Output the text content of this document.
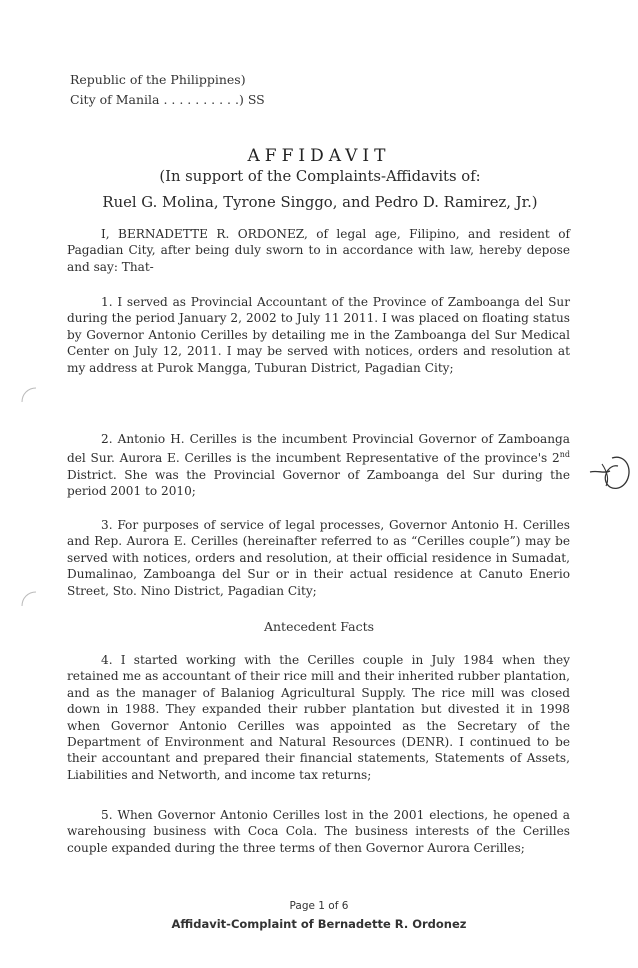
Republic of the Philippines)
City of Manila . . . . . . . . . .) SS
AFFIDAVIT
(In support of the Complaints-Affidavits of:
Ruel G. Molina, Tyrone Singgo, and Pedro D. Ramirez, Jr.)

I, BERNADETTE R. ORDONEZ, of legal age, Filipino, and resident of Pagadian City, after being duly sworn to in accordance with law, hereby depose and say: That-

1. I served as Provincial Accountant of the Province of Zamboanga del Sur during the period January 2, 2002 to July 11 2011. I was placed on floating status by Governor Antonio Cerilles by detailing me in the Zamboanga del Sur Medical Center on July 12, 2011. I may be served with notices, orders and resolution at my address at Purok Mangga, Tuburan District, Pagadian City;

2. Antonio H. Cerilles is the incumbent Provincial Governor of Zamboanga del Sur. Aurora E. Cerilles is the incumbent Representative of the province's 2nd District. She was the Provincial Governor of Zamboanga del Sur during the period 2001 to 2010;

3. For purposes of service of legal processes, Governor Antonio H. Cerilles and Rep. Aurora E. Cerilles (hereinafter referred to as “Cerilles couple”) may be served with notices, orders and resolution, at their official residence in Sumadat, Dumalinao, Zamboanga del Sur or in their actual residence at Canuto Enerio Street, Sto. Nino District, Pagadian City;

Antecedent Facts

4. I started working with the Cerilles couple in July 1984 when they retained me as accountant of their rice mill and their inherited rubber plantation, and as the manager of Balaniog Agricultural Supply. The rice mill was closed down in 1988. They expanded their rubber plantation but divested it in 1998 when Governor Antonio Cerilles was appointed as the Secretary of the Department of Environment and Natural Resources (DENR). I continued to be their accountant and prepared their financial statements, Statements of Assets, Liabilities and Networth, and income tax returns;

5. When Governor Antonio Cerilles lost in the 2001 elections, he opened a warehousing business with Coca Cola. The business interests of the Cerilles couple expanded during the three terms of then Governor Aurora Cerilles;

Page 1 of 6
Affidavit-Complaint of Bernadette R. Ordonez
